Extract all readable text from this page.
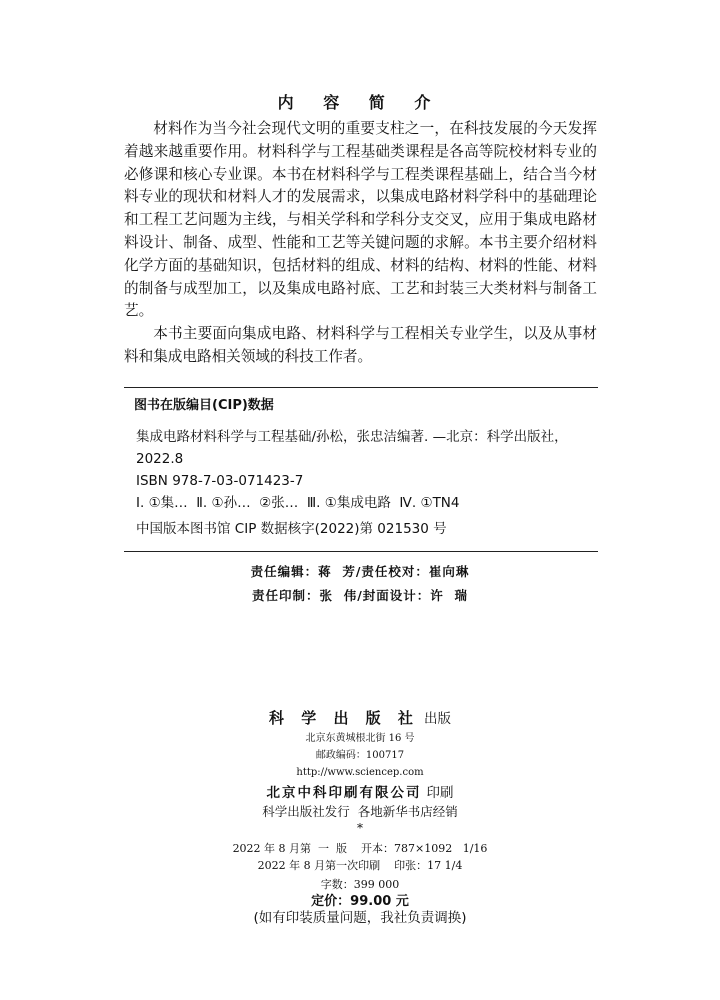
内 容 简 介

材料作为当今社会现代文明的重要支柱之一，在科技发展的今天发挥着越来越重要作用。材料科学与工程基础类课程是各高等院校材料专业的必修课和核心专业课。本书在材料科学与工程类课程基础上，结合当今材料专业的现状和材料人才的发展需求，以集成电路材料学科中的基础理论和工程工艺问题为主线，与相关学科和学科分支交叉，应用于集成电路材料设计、制备、成型、性能和工艺等关键问题的求解。本书主要介绍材料化学方面的基础知识，包括材料的组成、材料的结构、材料的性能、材料的制备与成型加工，以及集成电路衬底、工艺和封装三大类材料与制备工艺。

本书主要面向集成电路、材料科学与工程相关专业学生，以及从事材料和集成电路相关领域的科技工作者。

图书在版编目(CIP)数据
集成电路材料科学与工程基础/孙松，张忠洁编著. —北京：科学出版社，2022.8
ISBN 978-7-03-071423-7
Ⅰ. ①集…  Ⅱ. ①孙…  ②张…  Ⅲ. ①集成电路  Ⅳ. ①TN4
中国版本图书馆 CIP 数据核字(2022)第 021530 号
责任编辑：蒋  芳/责任校对：崔向琳
责任印制：张  伟/封面设计：许  瑞
科 学 出 版 社 出版
北京东黄城根北街 16 号
邮政编码：100717
http://www.sciencep.com
北京中科印刷有限公司 印刷
科学出版社发行  各地新华书店经销
*
2022 年 8 月第  一  版    开本：787×1092   1/16
2022 年 8 月第一次印刷    印张：17 1/4
字数：399 000
定价：99.00 元
(如有印装质量问题，我社负责调换)
